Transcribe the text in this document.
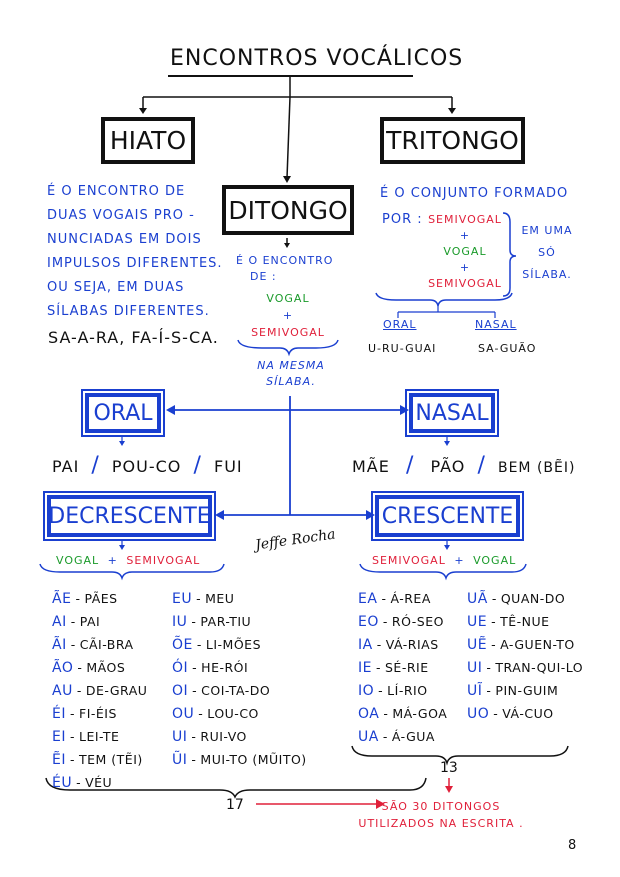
ENCONTROS VOCÁLICOS
HIATO
É O ENCONTRO DE
DUAS VOGAIS PRO -
NUNCIADAS EM DOIS
IMPULSOS DIFERENTES.
OU SEJA, EM DUAS
SÍLABAS DIFERENTES.
SA-A-RA, FA-Í-S-CA.
TRITONGO
É O CONJUNTO FORMADO
POR : SEMIVOGAL
+
VOGAL
+
SEMIVOGAL
EM UMA
SÓ
SÍLABA.
ORAL	NASAL
U-RU-GUAI	SA-GUÃO
DITONGO
É O ENCONTRO
DE :
VOGAL
+
SEMIVOGAL
NA MESMA
SÍLABA.
ORAL
PAI / POU-CO / FUI
NASAL
MÃE / PÃO / BEM (BẼI)
DECRESCENTE
VOGAL + SEMIVOGAL
ÃE - PÃES
AI - PAI
ÃI - CÃI-BRA
ÃO - MÃOS
AU - DE-GRAU
ÉI - FI-ÉIS
EI - LEI-TE
ẼI - TEM (TẼI)
ÉU - VÉU
EU - MEU
IU - PAR-TIU
ÕE - LI-MÕES
ÓI - HE-RÓI
OI - COI-TA-DO
OU - LOU-CO
UI - RUI-VO
ŨI - MUI-TO (MŨITO)
17
Jeffe Rocha
CRESCENTE
SEMIVOGAL + VOGAL
EA - Á-REA
EO - RÓ-SEO
IA - VÁ-RIAS
IE - SÉ-RIE
IO - LÍ-RIO
OA - MÁ-GOA
UA - Á-GUA
UÃ - QUAN-DO
UE - TÊ-NUE
UẼ - A-GUEN-TO
UI - TRAN-QUI-LO
UĨ - PIN-GUIM
UO - VÁ-CUO
13
SÃO 30 DITONGOS
UTILIZADOS NA ESCRITA .
8
